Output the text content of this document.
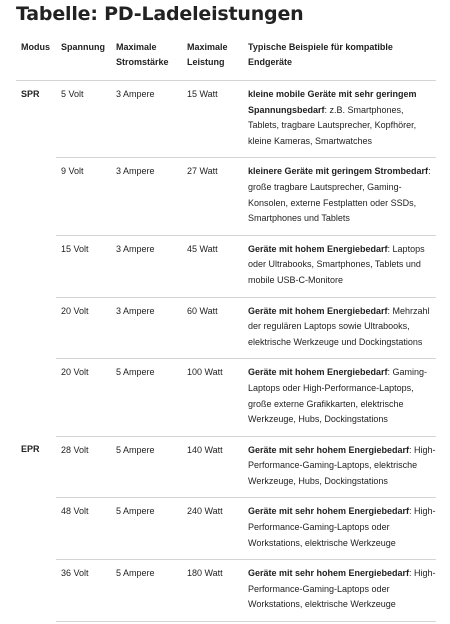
Tabelle: PD-Ladeleistungen
Modus	Spannung	Maximale Stromstärke	Maximale Leistung	Typische Beispiele für kompatible Endgeräte
SPR	5 Volt	3 Ampere	15 Watt	kleine mobile Geräte mit sehr geringem Spannungsbedarf: z.B. Smartphones, Tablets, tragbare Lautsprecher, Kopfhörer, kleine Kameras, Smartwatches
	9 Volt	3 Ampere	27 Watt	kleinere Geräte mit geringem Strombedarf: große tragbare Lautsprecher, Gaming-Konsolen, externe Festplatten oder SSDs, Smartphones und Tablets
	15 Volt	3 Ampere	45 Watt	Geräte mit hohem Energiebedarf: Laptops oder Ultrabooks, Smartphones, Tablets und mobile USB-C-Monitore
	20 Volt	3 Ampere	60 Watt	Geräte mit hohem Energiebedarf: Mehrzahl der regulären Laptops sowie Ultrabooks, elektrische Werkzeuge und Dockingstations
	20 Volt	5 Ampere	100 Watt	Geräte mit hohem Energiebedarf: Gaming-Laptops oder High-Performance-Laptops, große externe Grafikkarten, elektrische Werkzeuge, Hubs, Dockingstations
EPR	28 Volt	5 Ampere	140 Watt	Geräte mit sehr hohem Energiebedarf: High-Performance-Gaming-Laptops, elektrische Werkzeuge, Hubs, Dockingstations
	48 Volt	5 Ampere	240 Watt	Geräte mit sehr hohem Energiebedarf: High-Performance-Gaming-Laptops oder Workstations, elektrische Werkzeuge
	36 Volt	5 Ampere	180 Watt	Geräte mit sehr hohem Energiebedarf: High-Performance-Gaming-Laptops oder Workstations, elektrische Werkzeuge
